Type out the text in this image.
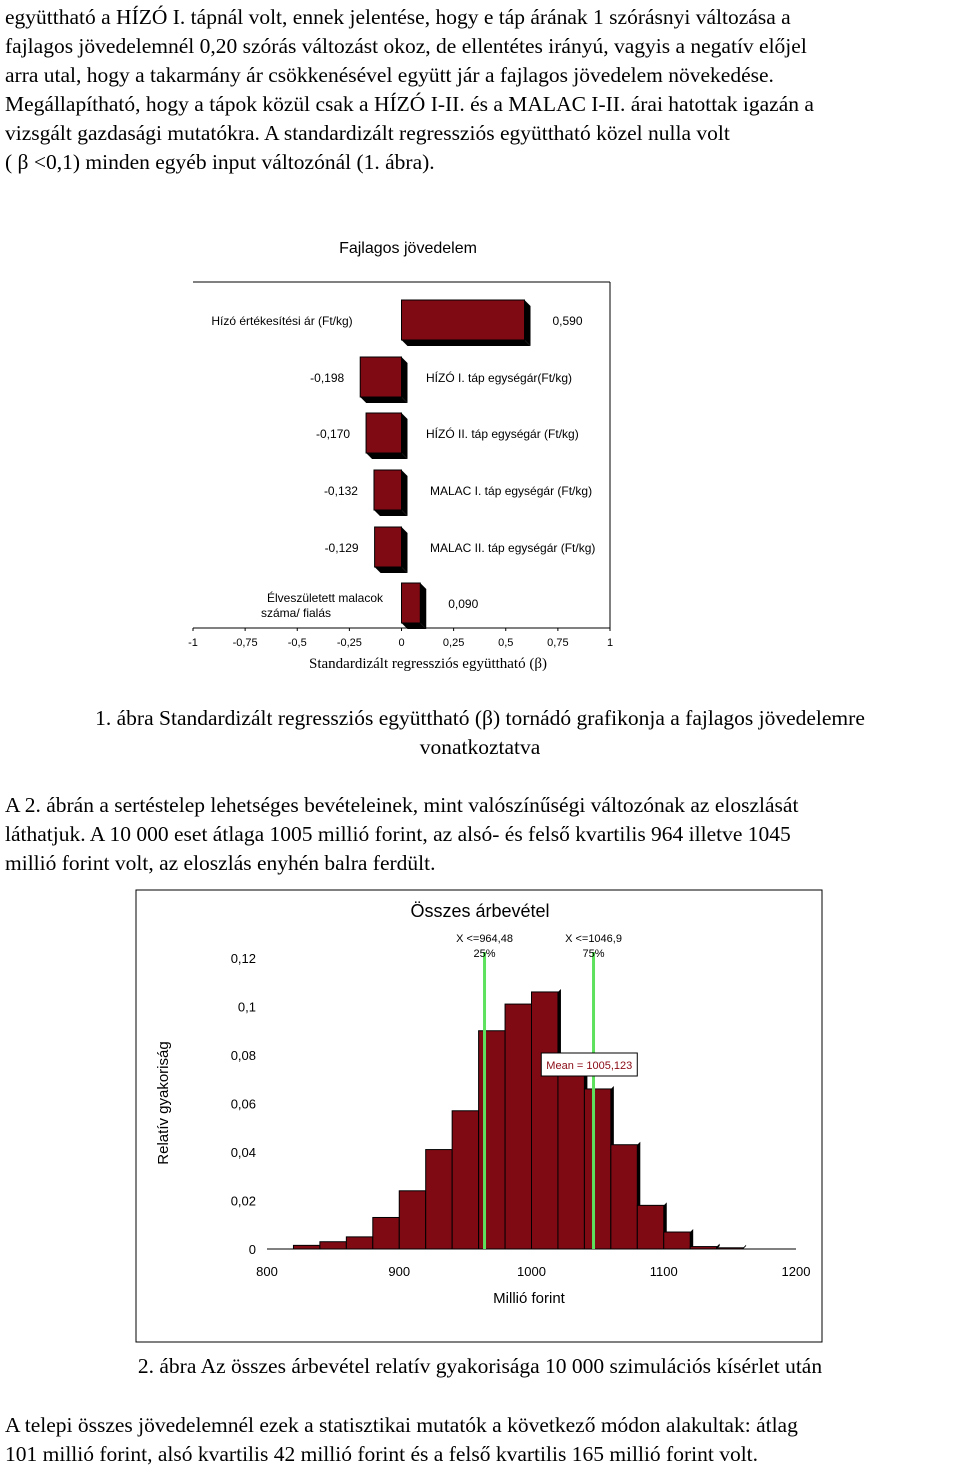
együttható a HÍZÓ I. tápnál volt, ennek jelentése, hogy e táp árának 1 szórásnyi változása a
fajlagos jövedelemnél 0,20 szórás változást okoz, de ellentétes irányú, vagyis a negatív előjel
arra utal, hogy a takarmány ár csökkenésével együtt jár a fajlagos jövedelem növekedése.
Megállapítható, hogy a tápok közül csak a HÍZÓ I-II. és a MALAC I-II. árai hatottak igazán a
vizsgált gazdasági mutatókra. A standardizált regressziós együttható közel nulla volt
( β <0,1) minden egyéb input változónál (1. ábra).
0,590
-0,198
-0,170
-0,132
-0,129
0,090
Hízó értékesítési ár (Ft/kg)
HÍZÓ I. táp egységár(Ft/kg)
HÍZÓ II. táp egységár (Ft/kg)
MALAC I. táp egységár (Ft/kg)
MALAC II. táp egységár (Ft/kg)
Élveszületett malacok
száma/ fialás
Fajlagos jövedelem
-1	-0,75	-0,5	-0,25	0	0,25	0,5	0,75	1
Standardizált regressziós együttható (β)
1. ábra Standardizált regressziós együttható (β) tornádó grafikonja a fajlagos jövedelemre
vonatkoztatva
A 2. ábrán a sertéstelep lehetséges bevételeinek, mint valószínűségi változónak az eloszlását
láthatjuk. A 10 000 eset átlaga 1005 millió forint, az alsó- és felső kvartilis 964 illetve 1045
millió forint volt, az eloszlás enyhén balra ferdült.
Összes árbevétel
Relatív gyakoriság
Millió forint
X <=964,48
25%
X <=1046,9
75%
800	900	1000	1100	1200
0
0,02
0,04
0,06
0,08
0,1
0,12
Mean = 1005,123
2. ábra Az összes árbevétel relatív gyakorisága 10 000 szimulációs kísérlet után
A telepi összes jövedelemnél ezek a statisztikai mutatók a következő módon alakultak: átlag
101 millió forint, alsó kvartilis 42 millió forint és a felső kvartilis 165 millió forint volt.
